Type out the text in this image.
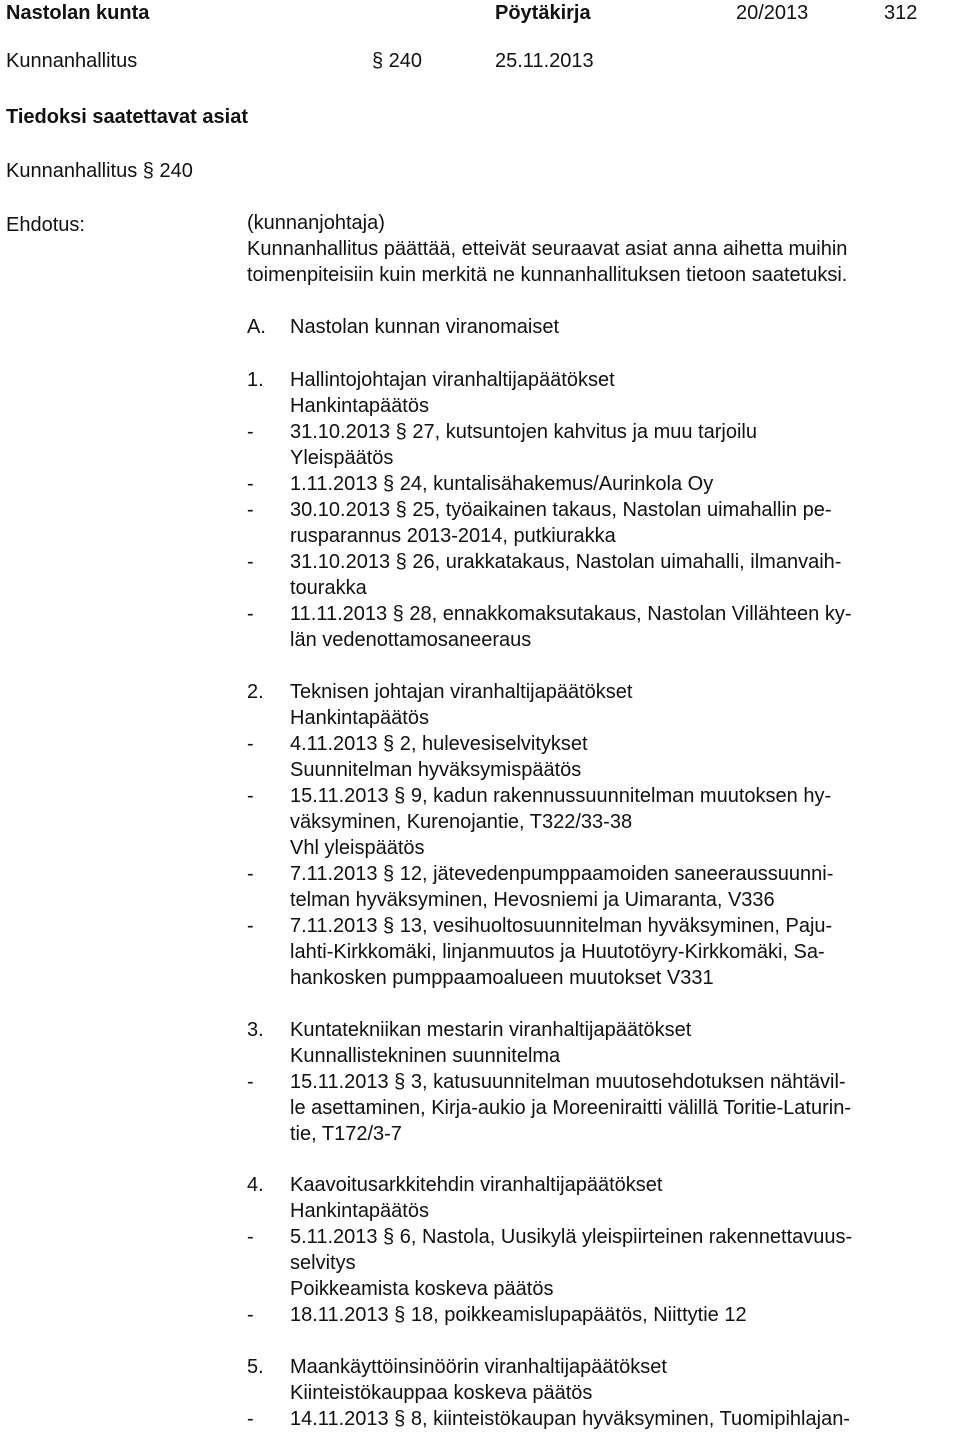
Nastolan kunta	Pöytäkirja	20/2013	312
Kunnanhallitus	§ 240	25.11.2013
Tiedoksi saatettavat asiat
Kunnanhallitus § 240
Ehdotus:	(kunnanjohtaja)
Kunnanhallitus päättää, etteivät seuraavat asiat anna aihetta muihin
toimenpiteisiin kuin merkitä ne kunnanhallituksen tietoon saatetuksi.
A. Nastolan kunnan viranomaiset
1. Hallintojohtajan viranhaltijapäätökset
Hankintapäätös
- 31.10.2013 § 27, kutsuntojen kahvitus ja muu tarjoilu
Yleispäätös
- 1.11.2013 § 24, kuntalisähakemus/Aurinkola Oy
- 30.10.2013 § 25, työaikainen takaus, Nastolan uimahallin pe-
rusparannus 2013-2014, putkiurakka
- 31.10.2013 § 26, urakkatakaus, Nastolan uimahalli, ilmanvaih-
tourakka
- 11.11.2013 § 28, ennakkomaksutakaus, Nastolan Villähteen ky-
län vedenottamosaneeraus
2. Teknisen johtajan viranhaltijapäätökset
Hankintapäätös
- 4.11.2013 § 2, hulevesiselvitykset
Suunnitelman hyväksymispäätös
- 15.11.2013 § 9, kadun rakennussuunnitelman muutoksen hy-
väksyminen, Kurenojantie, T322/33-38
Vhl yleispäätös
- 7.11.2013 § 12, jätevedenpumppaamoiden saneeraussuunni-
telman hyväksyminen, Hevosniemi ja Uimaranta, V336
- 7.11.2013 § 13, vesihuoltosuunnitelman hyväksyminen, Paju-
lahti-Kirkkomäki, linjanmuutos ja Huutotöyry-Kirkkomäki, Sa-
hankosken pumppaamoalueen muutokset V331
3. Kuntatekniikan mestarin viranhaltijapäätökset
Kunnallistekninen suunnitelma
- 15.11.2013 § 3, katusuunnitelman muutosehdotuksen nähtävil-
le asettaminen, Kirja-aukio ja Moreeniraitti välillä Toritie-Laturin-
tie, T172/3-7
4. Kaavoitusarkkitehdin viranhaltijapäätökset
Hankintapäätös
- 5.11.2013 § 6, Nastola, Uusikylä yleispiirteinen rakennettavuus-
selvitys
Poikkeamista koskeva päätös
- 18.11.2013 § 18, poikkeamislupapäätös, Niittytie 12
5. Maankäyttöinsinöörin viranhaltijapäätökset
Kiinteistökauppaa koskeva päätös
- 14.11.2013 § 8, kiinteistökaupan hyväksyminen, Tuomipihlajan-
